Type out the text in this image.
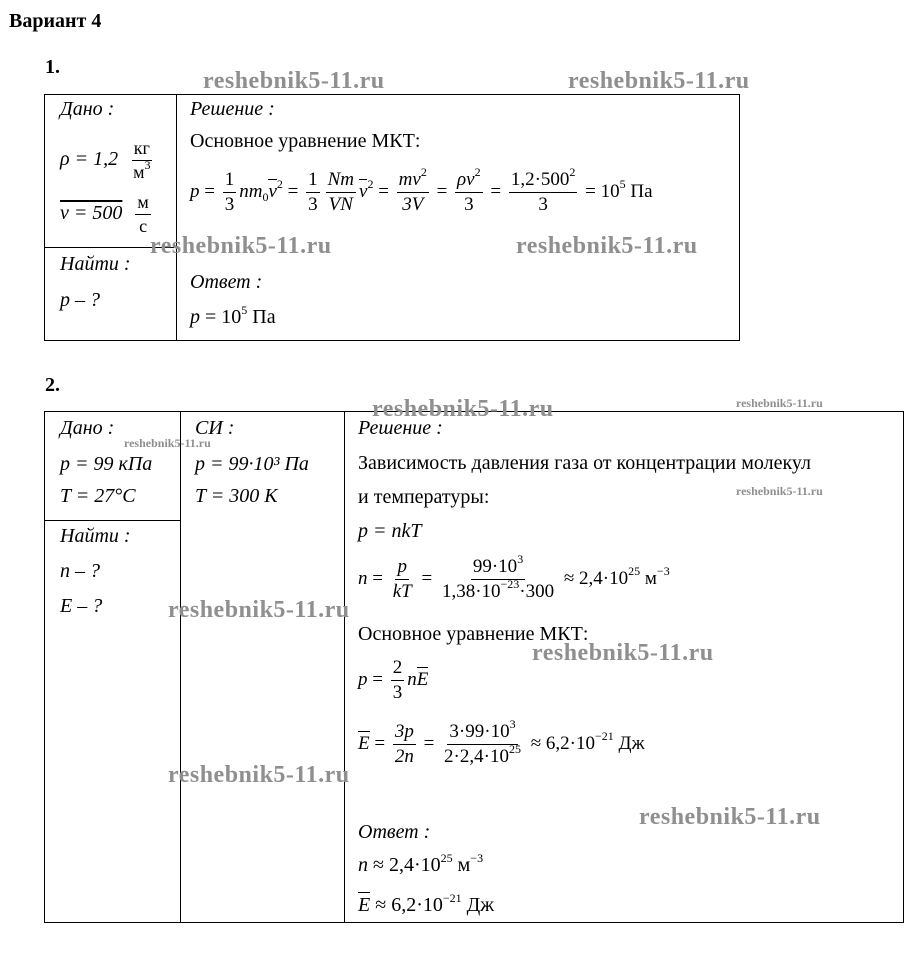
Вариант 4
1.
Дано :
$\rho = 1,2 \frac{кг}{м^3}$
$v = 500 \frac{м}{с}$
Найти :
p – ?
Решение :
Основное уравнение МКТ:
$p = \frac{1}{3} nm_0v^2 = \frac{1}{3} \frac{Nm}{VN} v^2 = \frac{mv^2}{3V} = \frac{\rho v^2}{3} = \frac{1,2\cdot 500^2}{3} = 10^5$ Па
Ответ :
$p = 10^5$ Па
2.
Дано :
p = 99 кПа
T = 27°C
СИ :
p = 99·10³ Па
T = 300 К
Найти :
n – ?
E – ?
Решение :
Зависимость давления газа от концентрации молекул
и температуры:
p = nkT
$n = \frac{p}{kT} = \frac{99\cdot 10^3}{1,38\cdot 10^{-23}\cdot 300} \approx 2,4\cdot 10^{25}$ $м^{-3}$
Основное уравнение МКТ:
$p = \frac{2}{3}$ nE
$E = \frac{3p}{2n} = \frac{3\cdot 99\cdot 10^3}{2\cdot 2,4\cdot 10^{25}} \approx 6,2\cdot 10^{-21}$ Дж
Ответ :
$n \approx 2,4\cdot 10^{25}$ $м^{-3}$
$E \approx 6,2\cdot 10^{-21}$ Дж
reshebnik5-11.ru	reshebnik5-11.ru
reshebnik5-11.ru	reshebnik5-11.ru
reshebnik5-11.ru	reshebnik5-11.ru
reshebnik5-11.ru
reshebnik5-11.ru
reshebnik5-11.ru
reshebnik5-11.ru
reshebnik5-11.ru
reshebnik5-11.ru
